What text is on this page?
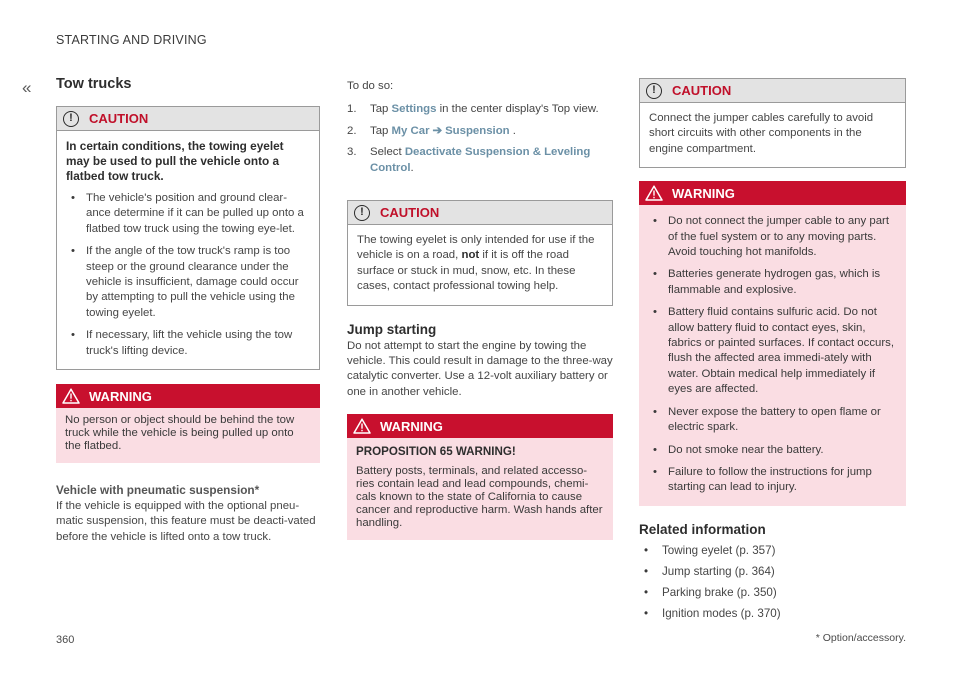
STARTING AND DRIVING
« Tow trucks
!	CAUTION
In certain conditions, the towing eyelet may be used to pull the vehicle onto a flatbed tow truck.
• The vehicle's position and ground clear-ance determine if it can be pulled up onto a flatbed tow truck using the towing eye-let.
• If the angle of the tow truck's ramp is too steep or the ground clearance under the vehicle is insufficient, damage could occur by attempting to pull the vehicle using the towing eyelet.
• If necessary, lift the vehicle using the tow truck's lifting device.
WARNING
No person or object should be behind the tow truck while the vehicle is being pulled up onto the flatbed.
Vehicle with pneumatic suspension*
If the vehicle is equipped with the optional pneu-matic suspension, this feature must be deacti-vated before the vehicle is lifted onto a tow truck.
To do so:
1.	Tap Settings in the center display's Top view.
2.	Tap My Car ➔ Suspension .
3.	Select Deactivate Suspension & Leveling Control.
!	CAUTION
The towing eyelet is only intended for use if the vehicle is on a road, not if it is off the road surface or stuck in mud, snow, etc. In these cases, contact professional towing help.
Jump starting
Do not attempt to start the engine by towing the vehicle. This could result in damage to the three-way catalytic converter. Use a 12-volt auxiliary battery or one in another vehicle.
WARNING
PROPOSITION 65 WARNING!
Battery posts, terminals, and related accesso-ries contain lead and lead compounds, chemi-cals known to the state of California to cause cancer and reproductive harm. Wash hands after handling.
!	CAUTION
Connect the jumper cables carefully to avoid short circuits with other components in the engine compartment.
WARNING
• Do not connect the jumper cable to any part of the fuel system or to any moving parts. Avoid touching hot manifolds.
• Batteries generate hydrogen gas, which is flammable and explosive.
• Battery fluid contains sulfuric acid. Do not allow battery fluid to contact eyes, skin, fabrics or painted surfaces. If contact occurs, flush the affected area immedi-ately with water. Obtain medical help immediately if eyes are affected.
• Never expose the battery to open flame or electric spark.
• Do not smoke near the battery.
• Failure to follow the instructions for jump starting can lead to injury.
Related information
• Towing eyelet (p. 357)
• Jump starting (p. 364)
• Parking brake (p. 350)
• Ignition modes (p. 370)
360	* Option/accessory.
